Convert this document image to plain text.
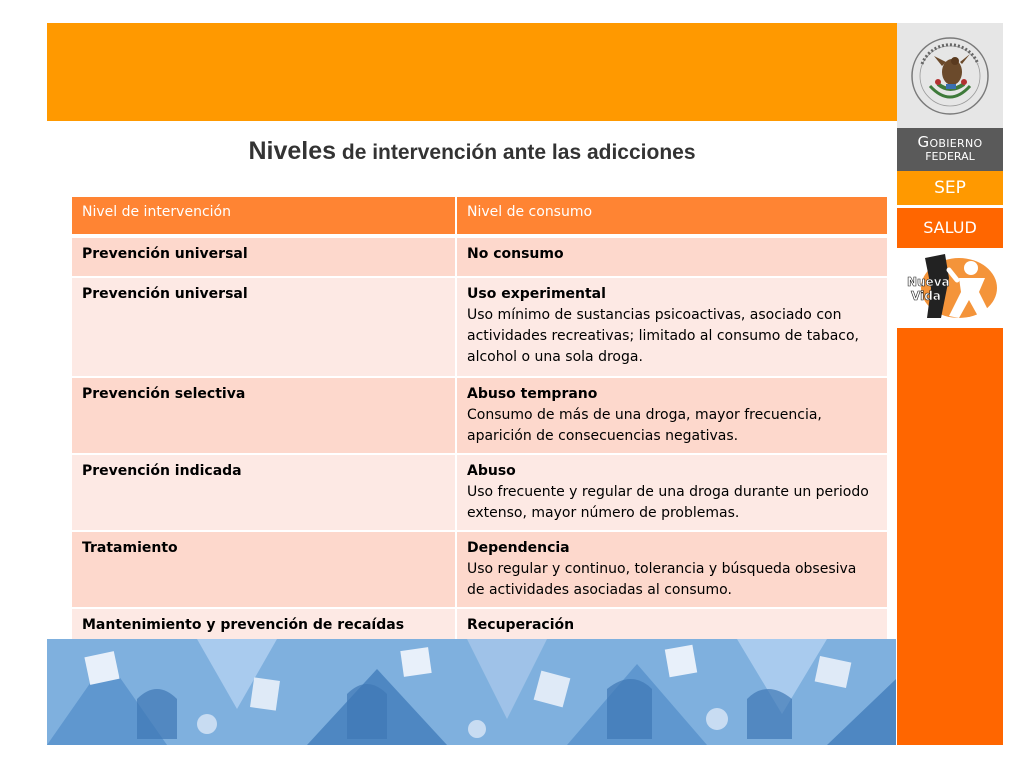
Niveles de intervención ante las adicciones	Gobierno
FEDERAL
SEP
SALUD
Nueva
Vida
Nivel de intervención	Nivel de consumo
Prevención universal	No consumo

Prevención universal	Uso experimental
Uso mínimo de sustancias psicoactivas, asociado con actividades recreativas; limitado al consumo de tabaco, alcohol o una sola droga.

Prevención selectiva	Abuso temprano
Consumo de más de una droga, mayor frecuencia, aparición de consecuencias negativas.

Prevención indicada	Abuso
Uso frecuente y regular de una droga durante un periodo extenso, mayor número de problemas.

Tratamiento	Dependencia
Uso regular y continuo, tolerancia y búsqueda obsesiva de actividades asociadas al consumo.

Mantenimiento y prevención de recaídas	Recuperación
